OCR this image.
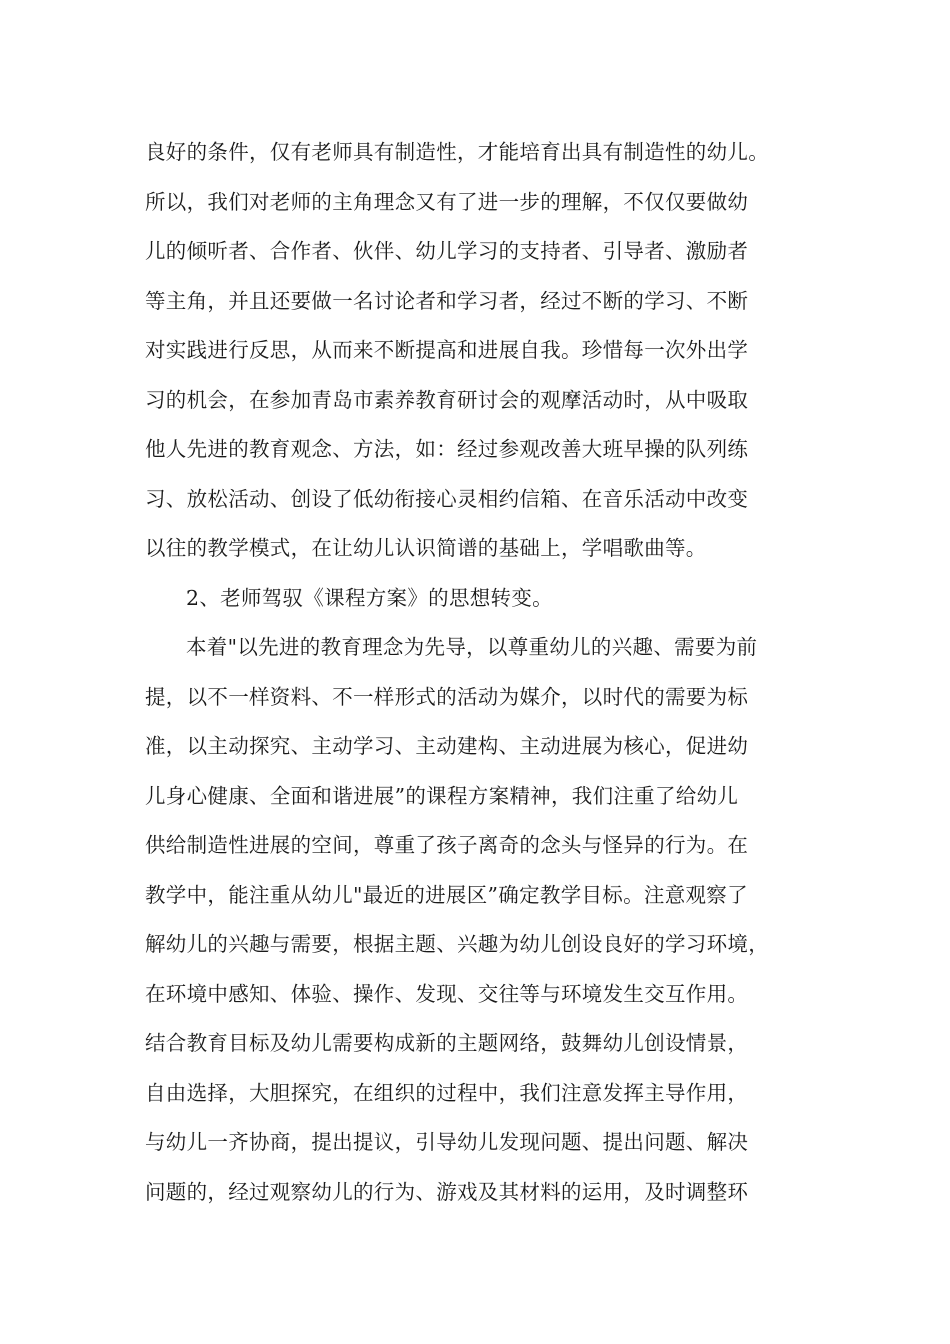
良好的条件，仅有老师具有制造性，才能培育出具有制造性的幼儿。
所以，我们对老师的主角理念又有了进一步的理解，不仅仅要做幼
儿的倾听者、合作者、伙伴、幼儿学习的支持者、引导者、激励者
等主角，并且还要做一名讨论者和学习者，经过不断的学习、不断
对实践进行反思，从而来不断提高和进展自我。珍惜每一次外出学
习的机会，在参加青岛市素养教育研讨会的观摩活动时，从中吸取
他人先进的教育观念、方法，如：经过参观改善大班早操的队列练
习、放松活动、创设了低幼衔接心灵相约信箱、在音乐活动中改变
以往的教学模式，在让幼儿认识简谱的基础上，学唱歌曲等。
2、老师驾驭《课程方案》的思想转变。
本着"以先进的教育理念为先导，以尊重幼儿的兴趣、需要为前
提，以不一样资料、不一样形式的活动为媒介，以时代的需要为标
准，以主动探究、主动学习、主动建构、主动进展为核心，促进幼
儿身心健康、全面和谐进展”的课程方案精神，我们注重了给幼儿
供给制造性进展的空间，尊重了孩子离奇的念头与怪异的行为。在
教学中，能注重从幼儿"最近的进展区”确定教学目标。注意观察了
解幼儿的兴趣与需要，根据主题、兴趣为幼儿创设良好的学习环境，
在环境中感知、体验、操作、发现、交往等与环境发生交互作用。
结合教育目标及幼儿需要构成新的主题网络，鼓舞幼儿创设情景，
自由选择，大胆探究，在组织的过程中，我们注意发挥主导作用，
与幼儿一齐协商，提出提议，引导幼儿发现问题、提出问题、解决
问题的，经过观察幼儿的行为、游戏及其材料的运用，及时调整环
